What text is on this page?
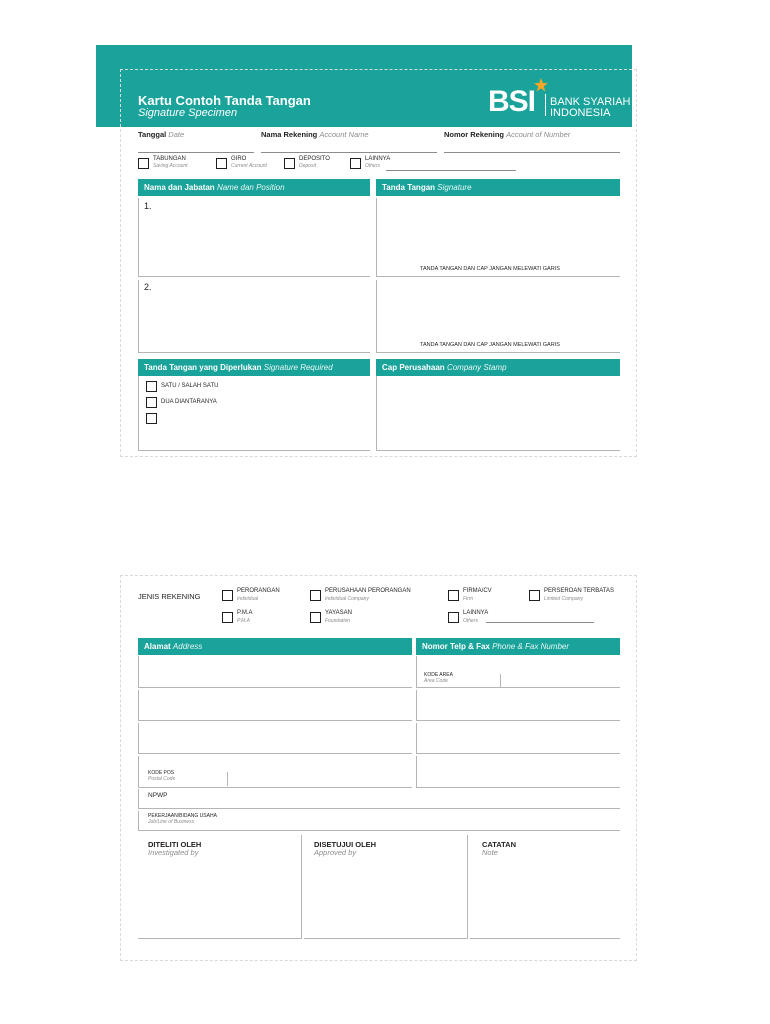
Kartu Contoh Tanda Tangan
Signature Specimen	BSI BANK SYARIAH
INDONESIA
Tanggal Date	Nama Rekening Account Name	Nomor Rekening Account of Number
TABUNGAN
Saving Account
GIRO
Current Account
DEPOSITO
Deposit
LAINNYA
Others
Nama dan Jabatan Name dan Position	Tanda Tangan Signature
1.
TANDA TANGAN DAN CAP JANGAN MELEWATI GARIS
2.
TANDA TANGAN DAN CAP JANGAN MELEWATI GARIS
Tanda Tangan yang Diperlukan Signature Required	Cap Perusahaan Company Stamp
SATU / SALAH SATU
DUA DIANTARANYA
JENIS REKENING
PERORANGAN
Individual
PERUSAHAAN PERORANGAN
Individual Company
FIRMA/CV
Firm
PERSEROAN TERBATAS
Limited Company
P.M.A
P.M.A
YAYASAN
Foundation
LAINNYA
Others
Alamat Address	Nomor Telp & Fax Phone & Fax Number
KODE POS
Postal Code
KODE AREA
Area Code
NPWP
PEKERJAAN/BIDANG USAHA
Job/Line of Business
DITELITI OLEH
Investigated by
DISETUJUI OLEH
Approved by
CATATAN
Note
